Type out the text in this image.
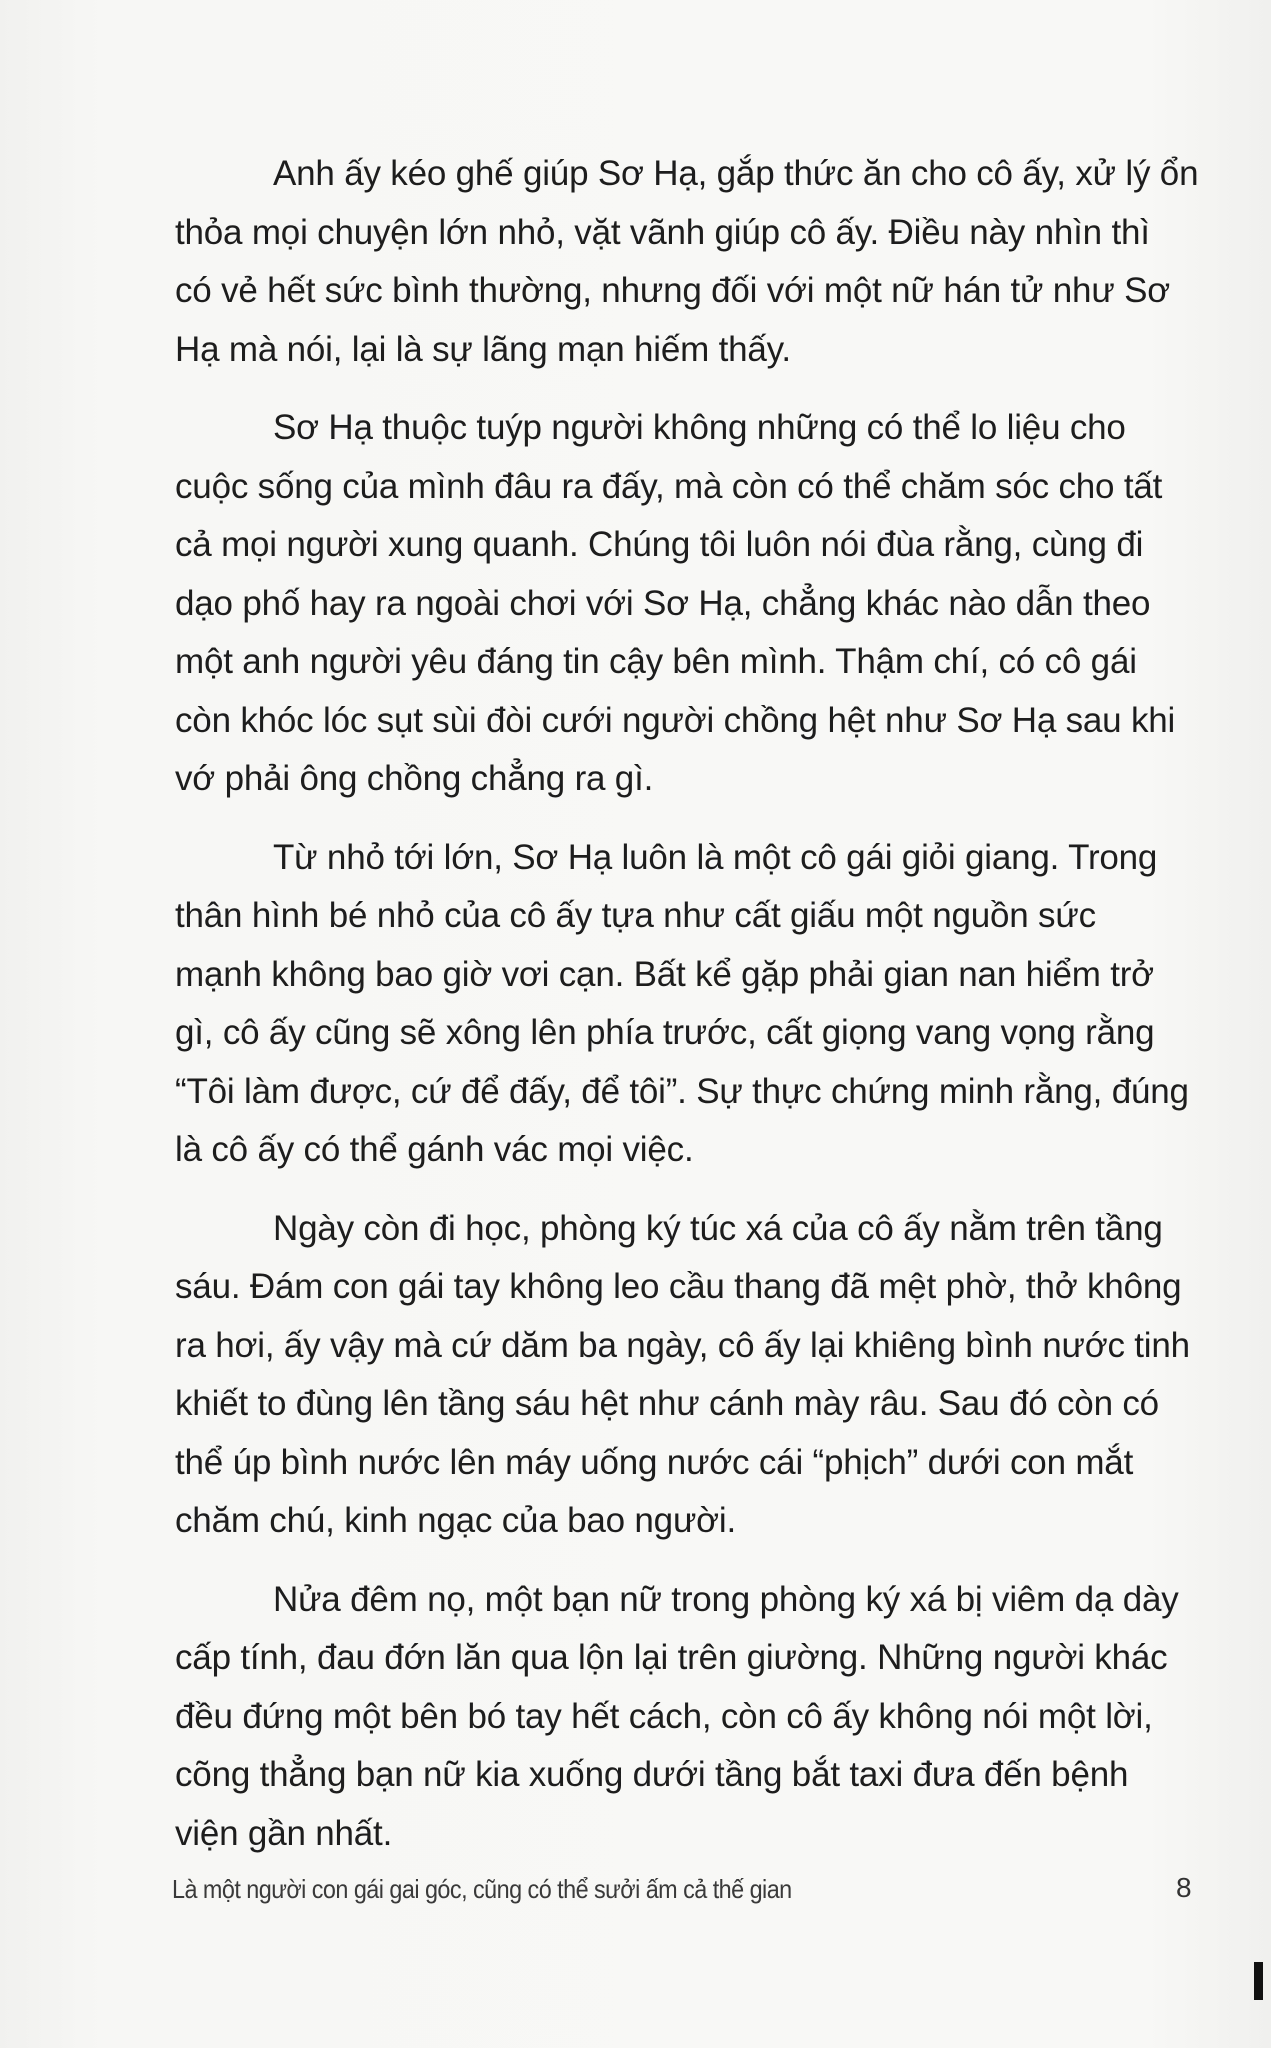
Anh ấy kéo ghế giúp Sơ Hạ, gắp thức ăn cho cô ấy, xử lý ổn
thỏa mọi chuyện lớn nhỏ, vặt vãnh giúp cô ấy. Điều này nhìn thì
có vẻ hết sức bình thường, nhưng đối với một nữ hán tử như Sơ
Hạ mà nói, lại là sự lãng mạn hiếm thấy.

Sơ Hạ thuộc tuýp người không những có thể lo liệu cho
cuộc sống của mình đâu ra đấy, mà còn có thể chăm sóc cho tất
cả mọi người xung quanh. Chúng tôi luôn nói đùa rằng, cùng đi
dạo phố hay ra ngoài chơi với Sơ Hạ, chẳng khác nào dẫn theo
một anh người yêu đáng tin cậy bên mình. Thậm chí, có cô gái
còn khóc lóc sụt sùi đòi cưới người chồng hệt như Sơ Hạ sau khi
vớ phải ông chồng chẳng ra gì.

Từ nhỏ tới lớn, Sơ Hạ luôn là một cô gái giỏi giang. Trong
thân hình bé nhỏ của cô ấy tựa như cất giấu một nguồn sức
mạnh không bao giờ vơi cạn. Bất kể gặp phải gian nan hiểm trở
gì, cô ấy cũng sẽ xông lên phía trước, cất giọng vang vọng rằng
“Tôi làm được, cứ để đấy, để tôi”. Sự thực chứng minh rằng, đúng
là cô ấy có thể gánh vác mọi việc.

Ngày còn đi học, phòng ký túc xá của cô ấy nằm trên tầng
sáu. Đám con gái tay không leo cầu thang đã mệt phờ, thở không
ra hơi, ấy vậy mà cứ dăm ba ngày, cô ấy lại khiêng bình nước tinh
khiết to đùng lên tầng sáu hệt như cánh mày râu. Sau đó còn có
thể úp bình nước lên máy uống nước cái “phịch” dưới con mắt
chăm chú, kinh ngạc của bao người.

Nửa đêm nọ, một bạn nữ trong phòng ký xá bị viêm dạ dày
cấp tính, đau đớn lăn qua lộn lại trên giường. Những người khác
đều đứng một bên bó tay hết cách, còn cô ấy không nói một lời,
cõng thẳng bạn nữ kia xuống dưới tầng bắt taxi đưa đến bệnh
viện gần nhất.

Là một người con gái gai góc, cũng có thể sưởi ấm cả thế gian	8
